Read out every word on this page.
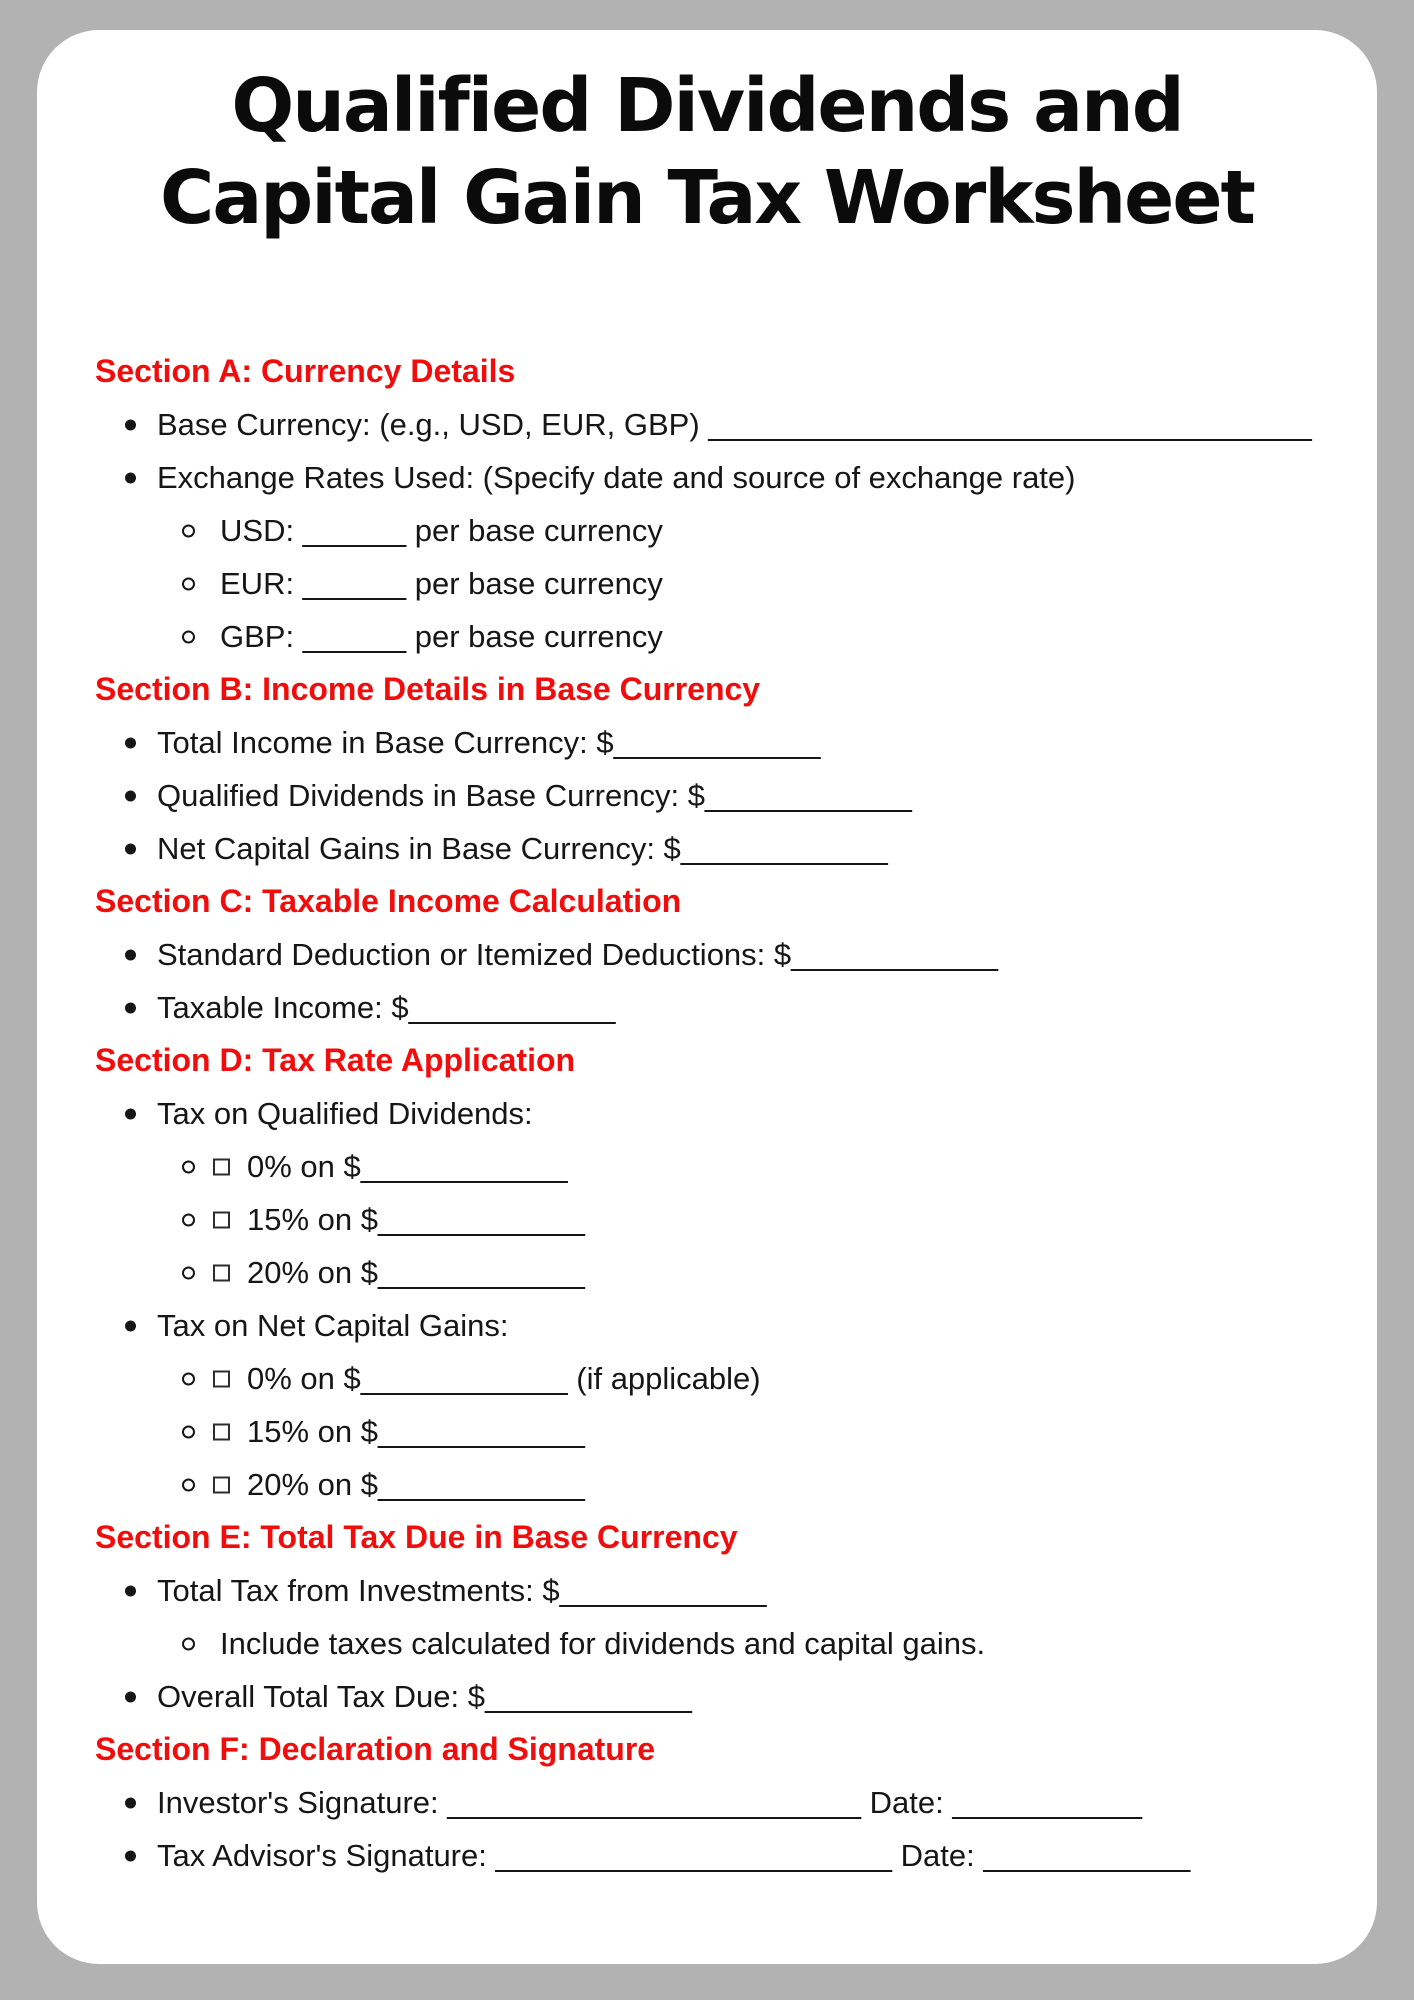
Qualified Dividends and
Capital Gain Tax Worksheet
Section A: Currency Details
Base Currency: (e.g., USD, EUR, GBP) ___________________________________
Exchange Rates Used: (Specify date and source of exchange rate)
USD: ______ per base currency
EUR: ______ per base currency
GBP: ______ per base currency
Section B: Income Details in Base Currency
Total Income in Base Currency: $____________
Qualified Dividends in Base Currency: $____________
Net Capital Gains in Base Currency: $____________
Section C: Taxable Income Calculation
Standard Deduction or Itemized Deductions: $____________
Taxable Income: $____________
Section D: Tax Rate Application
Tax on Qualified Dividends:
0% on $____________
15% on $____________
20% on $____________
Tax on Net Capital Gains:
0% on $____________ (if applicable)
15% on $____________
20% on $____________
Section E: Total Tax Due in Base Currency
Total Tax from Investments: $____________
Include taxes calculated for dividends and capital gains.
Overall Total Tax Due: $____________
Section F: Declaration and Signature
Investor's Signature: ________________________ Date: ___________
Tax Advisor's Signature: _______________________ Date: ____________
